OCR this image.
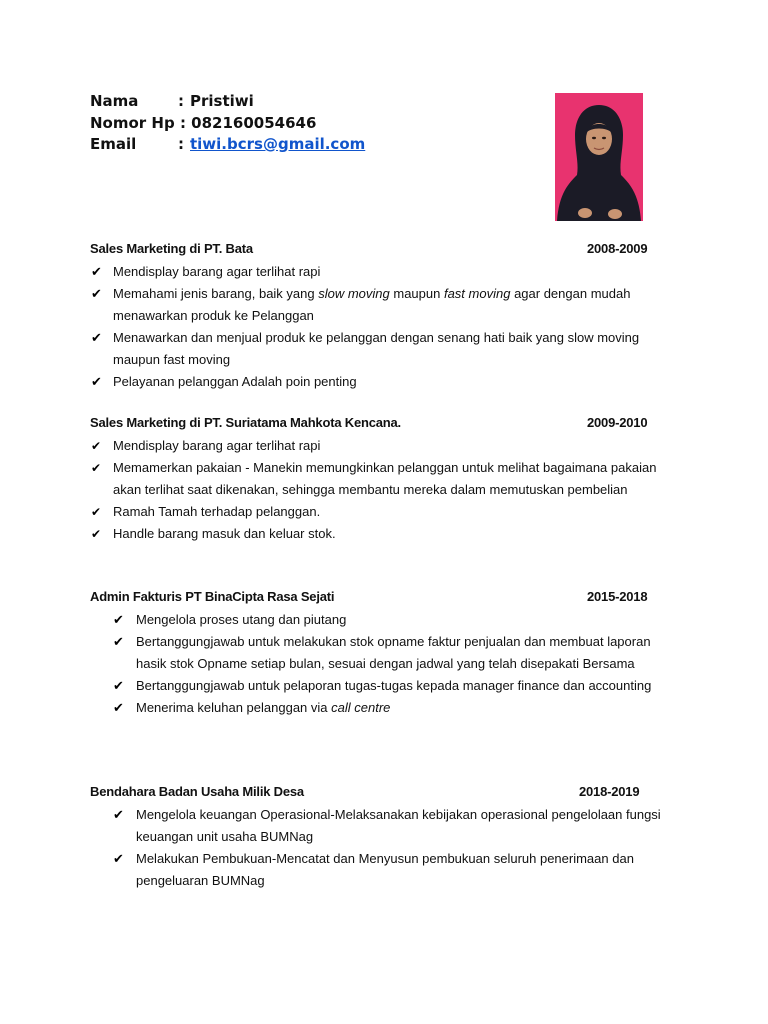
Nama	: Pristiwi
Nomor Hp : 082160054646
Email	: tiwi.bcrs@gmail.com
Sales Marketing di PT. Bata	2008-2009
✔ Mendisplay barang agar terlihat rapi
✔ Memahami jenis barang, baik yang slow moving maupun fast moving agar dengan mudah menawarkan produk ke Pelanggan
✔ Menawarkan dan menjual produk ke pelanggan dengan senang hati baik yang slow moving maupun fast moving
✔ Pelayanan pelanggan Adalah poin penting
Sales Marketing di PT. Suriatama Mahkota Kencana.	2009-2010
✔ Mendisplay barang agar terlihat rapi
✔ Memamerkan pakaian - Manekin memungkinkan pelanggan untuk melihat bagaimana pakaian akan terlihat saat dikenakan, sehingga membantu mereka dalam memutuskan pembelian
✔ Ramah Tamah terhadap pelanggan.
✔ Handle barang masuk dan keluar stok.
Admin Fakturis PT BinaCipta Rasa Sejati	2015-2018
✔ Mengelola proses utang dan piutang
✔ Bertanggungjawab untuk melakukan stok opname faktur penjualan dan membuat laporan hasik stok Opname setiap bulan, sesuai dengan jadwal yang telah disepakati Bersama
✔ Bertanggungjawab untuk pelaporan tugas-tugas kepada manager finance dan accounting
✔ Menerima keluhan pelanggan via call centre
Bendahara Badan Usaha Milik Desa	2018-2019
✔ Mengelola keuangan Operasional-Melaksanakan kebijakan operasional pengelolaan fungsi keuangan unit usaha BUMNag
✔ Melakukan Pembukuan-Mencatat dan Menyusun pembukuan seluruh penerimaan dan pengeluaran BUMNag
